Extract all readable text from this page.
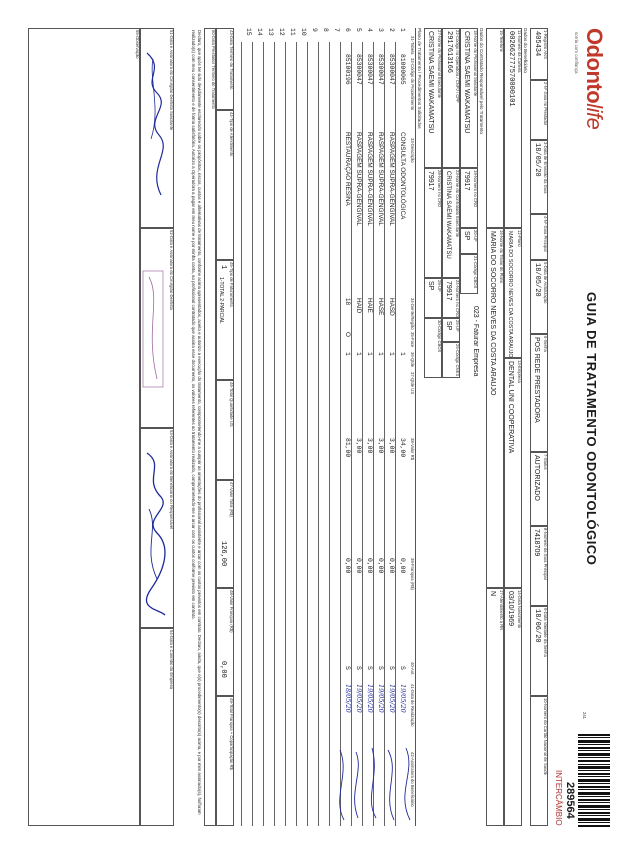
Odontolife
sorria com confiança
GUIA DE TRATAMENTO ODONTOLÓGICO
241
289564
INTERCÂMBIO
1-Registro ANS
405434
2-Nº Guia no Prestador
3-Data de Emissão da Guia
18/05/20
4-Nº Guia Principal
5-Data de Autorização
18/05/20
6-Senha
POS REDE PRESTADORA
7-Status
AUTORIZADO
8-Número da Guia Principal
7418709
9-Data Validade da Senha
18/06/20
10-Número do Cartão Nacional de Saúde
Dados do Beneficiário
11-Número da Carteira
002662777570000101
12-Plano
MARIA DO SOCORRO NEVES DA COSTA ARAUJO
13-Empresa
DENTAL UNI COOPERATIVA
14-Data Nascimento
03/10/1969
15-Telefone
16-Nome do Titular do Plano
MARIA DO SOCORRO NEVES DA COSTA ARAUJO
17-Atendimento a RN
N
Dados do Contratado Responsável pelo Tratamento
18-Nome do Profissional Solicitante
CRISTINA SAEMI WAKAMATSU
19-Número no CRO
79917
20-UF
SP
21-Código CBOS
023 - Faturar Empresa
22-Código na Operadora / CNPJ / CPF
2917613166
23-Nome do Contratado Executante
CRISTINA SAEMI WAKAMATSU
24-Número no CRO
79917
25-UF
SP
26-Código CNES
27-Nome do Profissional Executante
CRISTINA SAEMI WAKAMATSU
28-Número no CRO
79917
29-UF
SP
30-Código CBOS
Plano de Tratamento / Procedimentos Solicitados
31-Tabela
32-Código do Procedimento
33-Descrição
34-Dente/Região
35-Face
36-Qtde
37-Qtde US
38-Valor R$
39-Franquia (R$)
40-Aut.
41-Data de Realização
42-Assinatura do Beneficiário
1
81000065
CONSULTA ODONTOLÓGICA
1
34,00
0,00
S
19/05/20
2
85300047
RASPAGEM SUPRA-GENGIVAL
HASD
1
3,00
0,00
S
19/05/20
3
85300047
RASPAGEM SUPRA-GENGIVAL
HASE
1
3,00
0,00
S
19/05/20
4
85300047
RASPAGEM SUPRA-GENGIVAL
HAIE
1
3,00
0,00
S
19/05/20
5
85300047
RASPAGEM SUPRA-GENGIVAL
HAID
1
3,00
0,00
S
19/05/20
6
85100196
RESTAURAÇÃO RESINA
18
O
1
81,00
0,00
S
18/05/20
7
8
9
10
11
12
13
14
15
43-Data Término do Tratamento
44-Tipo de Atendimento
45-Tipo de Faturamento
1
1-TOTAL 2-PARCIAL
46-Total Quantidade US
47-Valor Total (R$)
126,00
48-Valor Franquia (R$)
0,00
49-Total Franquia + Coparticipação R$
50-Data Prestador Término do Tratamento
Declaro, que após ter sido devidamente esclarecido sobre os propósitos, riscos, custos e alternativas de tratamento, conforme acima apresentados, aceito e autorizo a execução do tratamento, comprometendo-me a cumprir as orientações do profissional assistente e arcar com os custos previstos em contrato. Declaro, ainda, que o(s) procedimento(s) descrito(s) acima, e por mim assinado(s), foi/foram realizado(s) com meu consentimento e de forma satisfatória. Autorizo a Operadora a pagar em meu nome e por minha conta, ao profissional contratado que assina esse documento, os valores referentes ao tratamento realizado, comprometendo-me a arcar com os custos conforme previsto em contrato.
51-Data e Assinatura do Cirurgião-Dentista Solicitante
52-Data e Assinatura do Cirurgião-Dentista
53-Data e Assinatura do Beneficiário ou Responsável
54-Data e Carimbo da Empresa
55-Observação
